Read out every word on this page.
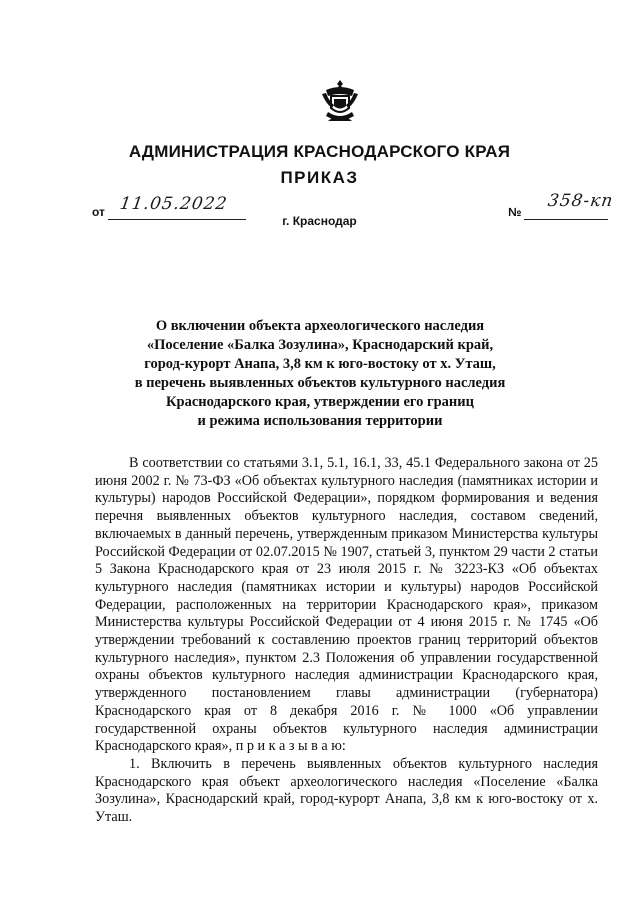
АДМИНИСТРАЦИЯ КРАСНОДАРСКОГО КРАЯ
ПРИКАЗ
от 11.05.2022	№
358-кп
г. Краснодар
О включении объекта археологического наследия
«Поселение «Балка Зозулина», Краснодарский край,
город-курорт Анапа, 3,8 км к юго-востоку от х. Уташ,
в перечень выявленных объектов культурного наследия
Краснодарского края, утверждении его границ
и режима использования территории

В соответствии со статьями 3.1, 5.1, 16.1, 33, 45.1 Федерального закона от 25 июня 2002 г. № 73-ФЗ «Об объектах культурного наследия (памятниках истории и культуры) народов Российской Федерации», порядком формирования и ведения перечня выявленных объектов культурного наследия, составом сведений, включаемых в данный перечень, утвержденным приказом Министерства культуры Российской Федерации от 02.07.2015 № 1907, статьей 3, пунктом 29 части 2 статьи 5 Закона Краснодарского края от 23 июля 2015 г. № 3223-КЗ «Об объектах культурного наследия (памятниках истории и культуры) народов Российской Федерации, расположенных на территории Краснодарского края», приказом Министерства культуры Российской Федерации от 4 июня 2015 г. № 1745 «Об утверждении требований к составлению проектов границ территорий объектов культурного наследия», пунктом 2.3 Положения об управлении государственной охраны объектов культурного наследия администрации Краснодарского края, утвержденного постановлением главы администрации (губернатора) Краснодарского края от 8 декабря 2016 г. № 1000 «Об управлении государственной охраны объектов культурного наследия администрации Краснодарского края», п р и к а з ы в а ю:

1. Включить в перечень выявленных объектов культурного наследия Краснодарского края объект археологического наследия «Поселение «Балка Зозулина», Краснодарский край, город-курорт Анапа, 3,8 км к юго-востоку от х. Уташ.
